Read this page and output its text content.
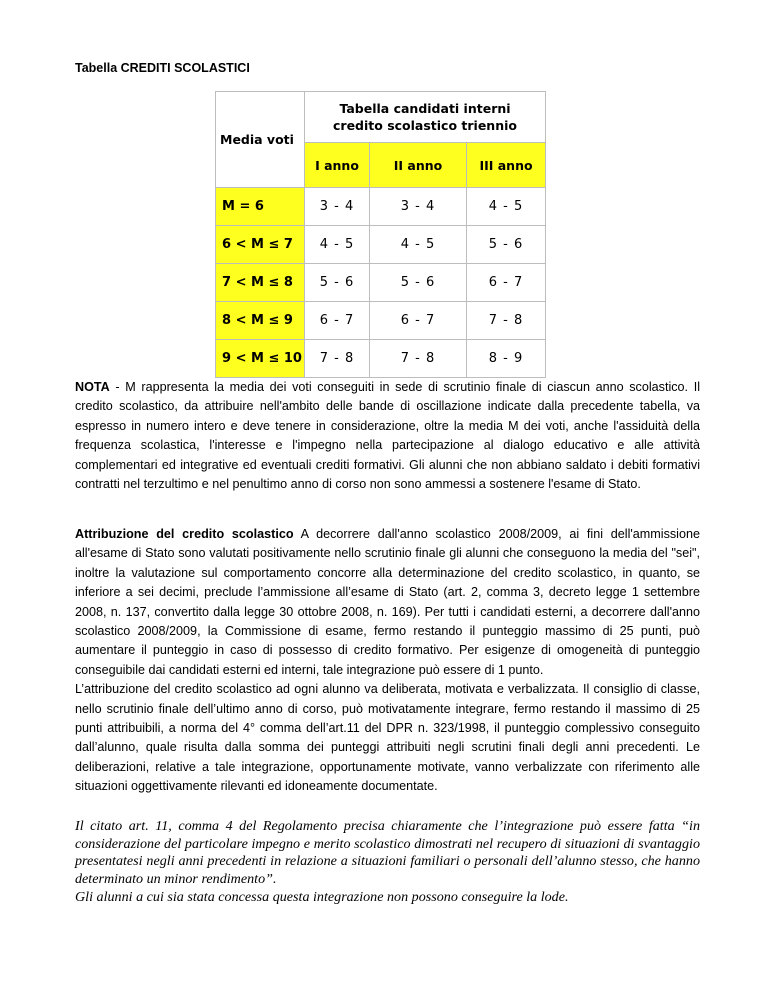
Tabella CREDITI SCOLASTICI
Media voti	Tabella candidati interni
credito scolastico triennio		

	I anno	II anno	III anno
M = 6	3 - 4	3 - 4	4 - 5
6 < M ≤ 7	4 - 5	4 - 5	5 - 6
7 < M ≤ 8	5 - 6	5 - 6	6 - 7
8 < M ≤ 9	6 - 7	6 - 7	7 - 8
9 < M ≤ 10	7 - 8	7 - 8	8 - 9
NOTA - M rappresenta la media dei voti conseguiti in sede di scrutinio finale di ciascun anno scolastico. Il credito scolastico, da attribuire nell'ambito delle bande di oscillazione indicate dalla precedente tabella, va espresso in numero intero e deve tenere in considerazione, oltre la media M dei voti, anche l'assiduità della frequenza scolastica, l'interesse e l'impegno nella partecipazione al dialogo educativo e alle attività complementari ed integrative ed eventuali crediti formativi. Gli alunni che non abbiano saldato i debiti formativi contratti nel terzultimo e nel penultimo anno di corso non sono ammessi a sostenere l'esame di Stato.
Attribuzione del credito scolastico A decorrere dall'anno scolastico 2008/2009, ai fini dell'ammissione all'esame di Stato sono valutati positivamente nello scrutinio finale gli alunni che conseguono la media del "sei", inoltre la valutazione sul comportamento concorre alla determinazione del credito scolastico, in quanto, se inferiore a sei decimi, preclude l’ammissione all’esame di Stato (art. 2, comma 3, decreto legge 1 settembre 2008, n. 137, convertito dalla legge 30 ottobre 2008, n. 169). Per tutti i candidati esterni, a decorrere dall'anno scolastico 2008/2009, la Commissione di esame, fermo restando il punteggio massimo di 25 punti, può aumentare il punteggio in caso di possesso di credito formativo. Per esigenze di omogeneità di punteggio conseguibile dai candidati esterni ed interni, tale integrazione può essere di 1 punto.
L’attribuzione del credito scolastico ad ogni alunno va deliberata, motivata e verbalizzata. Il consiglio di classe, nello scrutinio finale dell’ultimo anno di corso, può motivatamente integrare, fermo restando il massimo di 25 punti attribuibili, a norma del 4° comma dell’art.11 del DPR n. 323/1998, il punteggio complessivo conseguito dall’alunno, quale risulta dalla somma dei punteggi attribuiti negli scrutini finali degli anni precedenti. Le deliberazioni, relative a tale integrazione, opportunamente motivate, vanno verbalizzate con riferimento alle situazioni oggettivamente rilevanti ed idoneamente documentate.
Il citato art. 11, comma 4 del Regolamento precisa chiaramente che l’integrazione può essere fatta “in considerazione del particolare impegno e merito scolastico dimostrati nel recupero di situazioni di svantaggio presentatesi negli anni precedenti in relazione a situazioni familiari o personali dell’alunno stesso, che hanno determinato un minor rendimento”.
Gli alunni a cui sia stata concessa questa integrazione non possono conseguire la lode.
